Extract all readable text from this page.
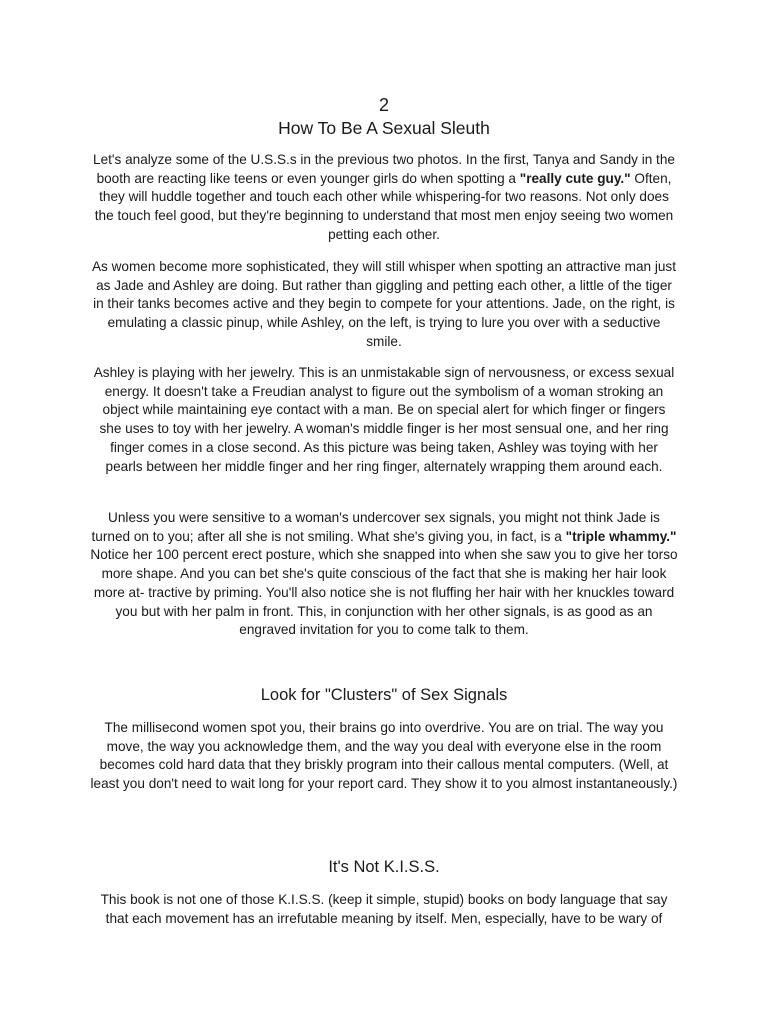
2
How To Be A Sexual Sleuth

Let's analyze some of the U.S.S.s in the previous two photos. In the first, Tanya and Sandy in the booth are reacting like teens or even younger girls do when spotting a "really cute guy." Often, they will huddle together and touch each other while whispering-for two reasons. Not only does the touch feel good, but they're beginning to understand that most men enjoy seeing two women petting each other.

As women become more sophisticated, they will still whisper when spotting an attractive man just as Jade and Ashley are doing. But rather than giggling and petting each other, a little of the tiger in their tanks becomes active and they begin to compete for your attentions. Jade, on the right, is emulating a classic pinup, while Ashley, on the left, is trying to lure you over with a seductive smile.

Ashley is playing with her jewelry. This is an unmistakable sign of nervousness, or excess sexual energy. It doesn't take a Freudian analyst to figure out the symbolism of a woman stroking an object while maintaining eye contact with a man. Be on special alert for which finger or fingers she uses to toy with her jewelry. A woman's middle finger is her most sensual one, and her ring finger comes in a close second. As this picture was being taken, Ashley was toying with her pearls between her middle finger and her ring finger, alternately wrapping them around each.

Unless you were sensitive to a woman's undercover sex signals, you might not think Jade is turned on to you; after all she is not smiling. What she's giving you, in fact, is a "triple whammy." Notice her 100 percent erect posture, which she snapped into when she saw you to give her torso more shape. And you can bet she's quite conscious of the fact that she is making her hair look more at- tractive by priming. You'll also notice she is not fluffing her hair with her knuckles toward you but with her palm in front. This, in conjunction with her other signals, is as good as an engraved invitation for you to come talk to them.

Look for "Clusters" of Sex Signals

The millisecond women spot you, their brains go into overdrive. You are on trial. The way you move, the way you acknowledge them, and the way you deal with everyone else in the room becomes cold hard data that they briskly program into their callous mental computers. (Well, at least you don't need to wait long for your report card. They show it to you almost instantaneously.)

It's Not K.I.S.S.

This book is not one of those K.I.S.S. (keep it simple, stupid) books on body language that say that each movement has an irrefutable meaning by itself. Men, especially, have to be wary of
